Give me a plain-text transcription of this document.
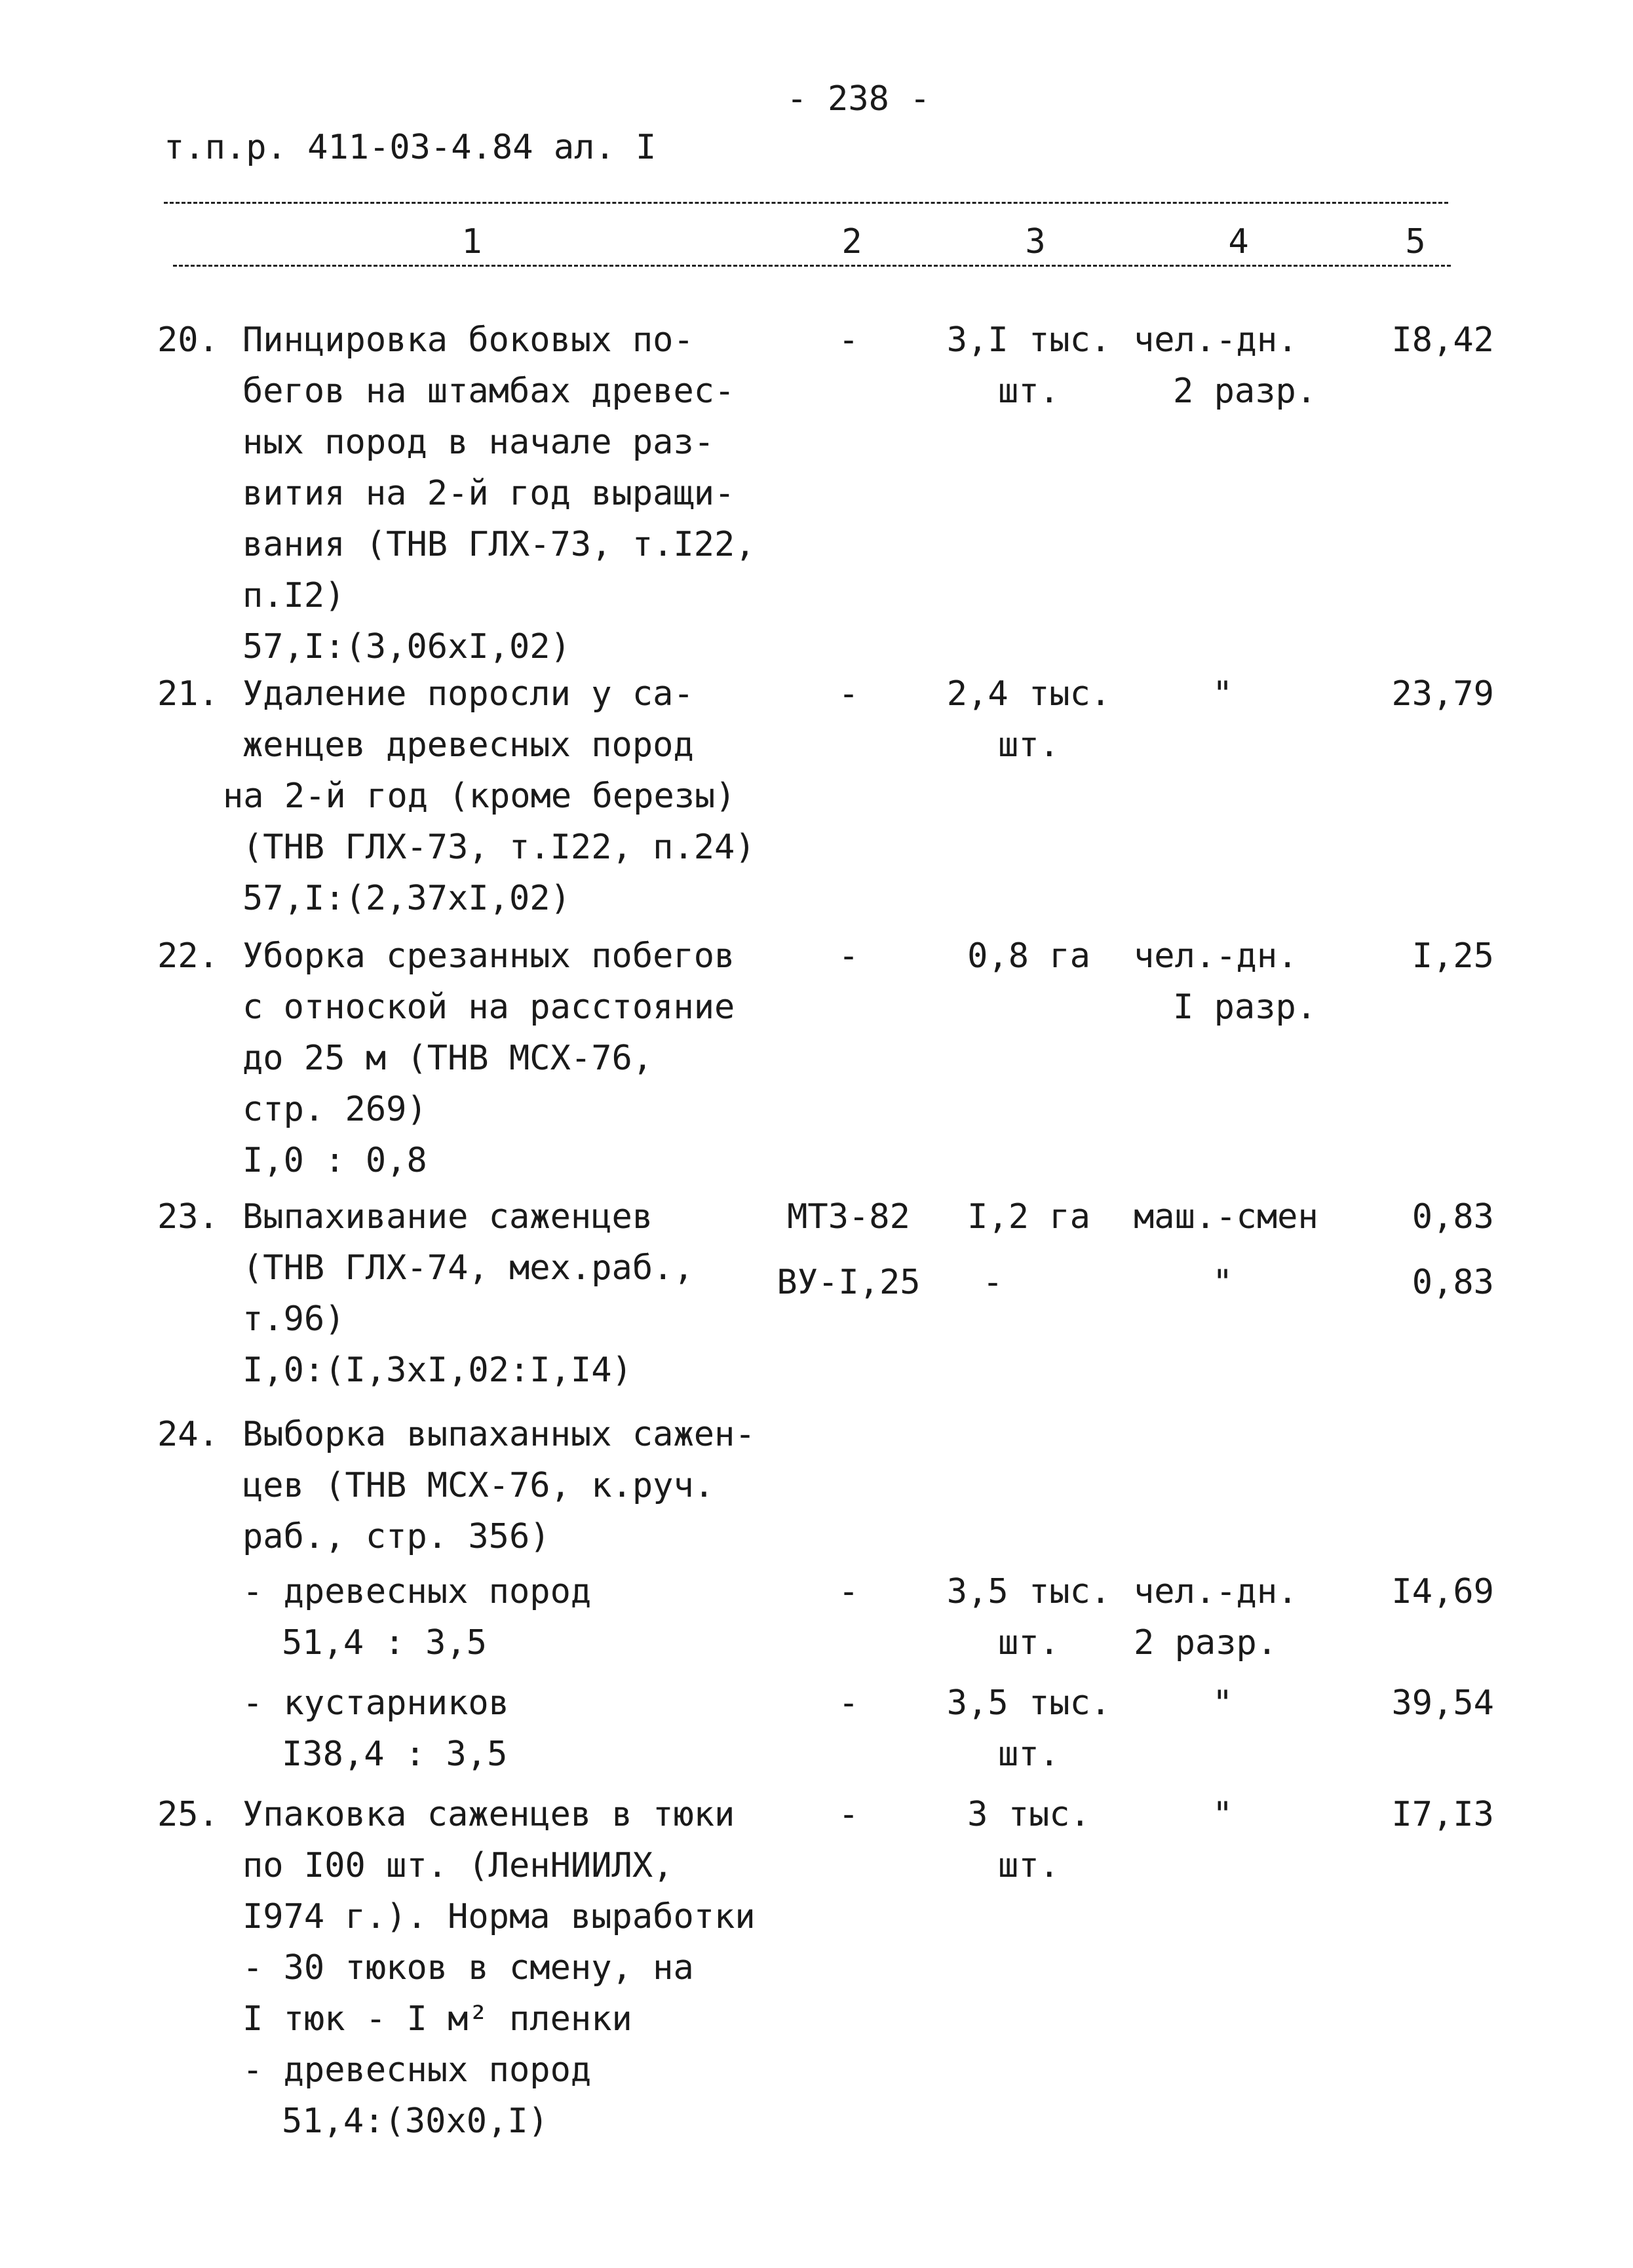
- 238 -
т.п.р. 411-03-4.84 ал. I
1	2	3	4	5
20. Пинцировка боковых по-
бегов на штамбах древес-
ных пород в начале раз-
вития на 2-й год выращи-
вания (ТНВ ГЛХ-73, т.I22,
п.I2)
57,I:(3,06хI,02)
-	3,I тыс.
шт.
чел.-дн.
2 разр.
I8,42
21. Удаление поросли у са-
женцев древесных пород
на 2-й год (кроме березы)
(ТНВ ГЛХ-73, т.I22, п.24)
57,I:(2,37хI,02)
-	2,4 тыс.
шт.
"	23,79
22. Уборка срезанных побегов
с отноской на расстояние
до 25 м (ТНВ МСХ-76,
стр. 269)
I,0 : 0,8
-	0,8 га	чел.-дн.
I разр.
I,25
23. Выпахивание саженцев
(ТНВ ГЛХ-74, мех.раб.,
т.96)
I,0:(I,3хI,02:I,I4)
МТЗ-82
ВУ-I,25
I,2 га
-
маш.-смен
"
0,83
0,83
24. Выборка выпаханных сажен-
цев (ТНВ МСХ-76, к.руч.
раб., стр. 356)
- древесных пород
51,4 : 3,5
-	3,5 тыс.
шт.
чел.-дн.
2 разр.
I4,69
- кустарников
I38,4 : 3,5
-	3,5 тыс.
шт.
"	39,54
25. Упаковка саженцев в тюки
по I00 шт. (ЛенНИИЛХ,
I974 г.). Норма выработки
- 30 тюков в смену, на
I тюк - I м² пленки
- древесных пород
51,4:(30х0,I)
-	3 тыс.
шт.
"	I7,I3
